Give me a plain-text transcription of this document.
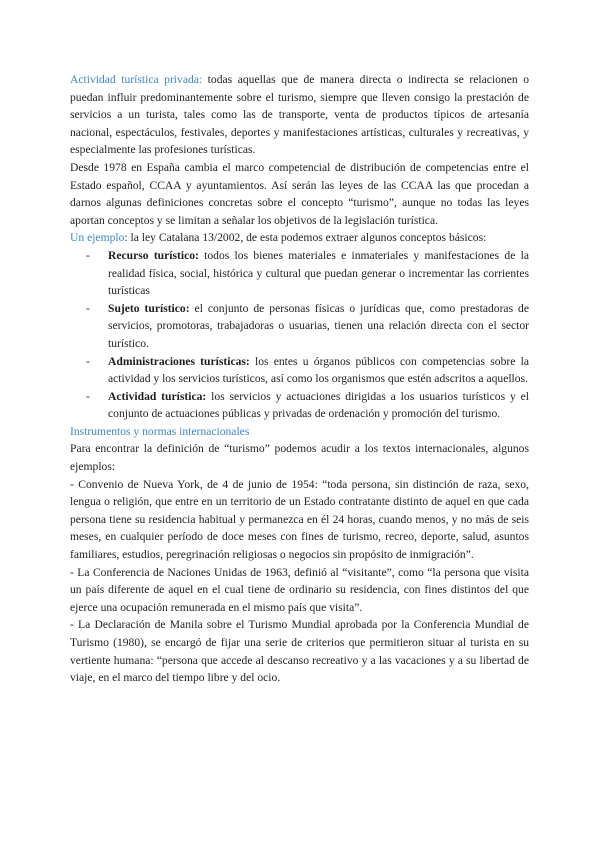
Actividad turística privada: todas aquellas que de manera directa o indirecta se relacionen o puedan influir predominantemente sobre el turismo, siempre que lleven consigo la prestación de servicios a un turista, tales como las de transporte, venta de productos típicos de artesanía nacional, espectáculos, festivales, deportes y manifestaciones artísticas, culturales y recreativas, y especialmente las profesiones turísticas.

Desde 1978 en España cambia el marco competencial de distribución de competencias entre el Estado español, CCAA y ayuntamientos. Así serán las leyes de las CCAA las que procedan a darnos algunas definiciones concretas sobre el concepto “turismo”, aunque no todas las leyes aportan conceptos y se limitan a señalar los objetivos de la legislación turística.

Un ejemplo: la ley Catalana 13/2002, de esta podemos extraer algunos conceptos básicos:

- Recurso turístico: todos los bienes materiales e inmateriales y manifestaciones de la realidad física, social, histórica y cultural que puedan generar o incrementar las corrientes turísticas
- Sujeto turístico: el conjunto de personas físicas o jurídicas que, como prestadoras de servicios, promotoras, trabajadoras o usuarias, tienen una relación directa con el sector turístico.
- Administraciones turísticas: los entes u órganos públicos con competencias sobre la actividad y los servicios turísticos, así como los organismos que estén adscritos a aquellos.
- Actividad turística: los servicios y actuaciones dirigidas a los usuarios turísticos y el conjunto de actuaciones públicas y privadas de ordenación y promoción del turismo.

Instrumentos y normas internacionales

Para encontrar la definición de “turismo” podemos acudir a los textos internacionales, algunos ejemplos:

- Convenio de Nueva York, de 4 de junio de 1954: “toda persona, sin distinción de raza, sexo, lengua o religión, que entre en un territorio de un Estado contratante distinto de aquel en que cada persona tiene su residencia habitual y permanezca en él 24 horas, cuando menos, y no más de seis meses, en cualquier período de doce meses con fines de turismo, recreo, deporte, salud, asuntos familiares, estudios, peregrinación religiosas o negocios sin propósito de inmigración”.

- La Conferencia de Naciones Unidas de 1963, definió al “visitante”, como “la persona que visita un país diferente de aquel en el cual tiene de ordinario su residencia, con fines distintos del que ejerce una ocupación remunerada en el mismo país que visita”.

- La Declaración de Manila sobre el Turismo Mundial aprobada por la Conferencia Mundial de Turismo (1980), se encargó de fijar una serie de criterios que permitieron situar al turista en su vertiente humana: “persona que accede al descanso recreativo y a las vacaciones y a su libertad de viaje, en el marco del tiempo libre y del ocio.
